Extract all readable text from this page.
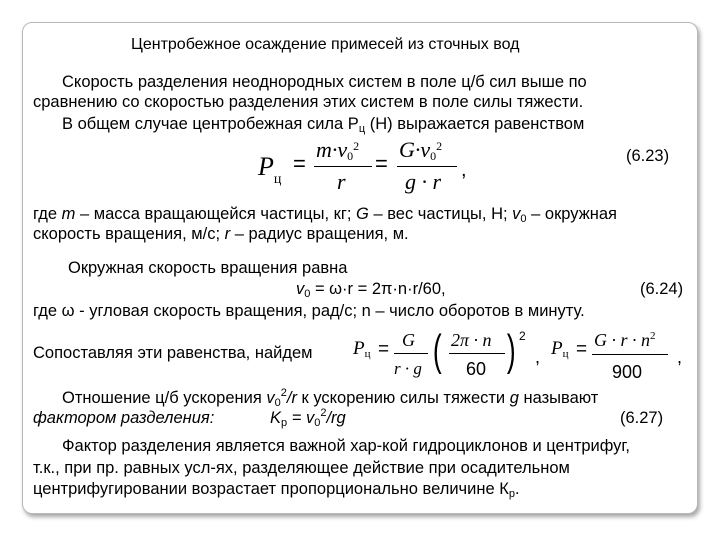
Центробежное осаждение примесей из сточных вод
Скорость разделения неоднородных систем в поле ц/б сил выше по
сравнению со скоростью разделения этих систем в поле силы тяжести.
В общем случае центробежная сила $Р_ц$ (Н) выражается равенством
$P_ц$
=
$m\cdot v_0^2$
r
=
$G\cdot v_0^2$
g · r ,
(6.23)
где m – масса вращающейся частицы, кг; G – вес частицы, Н; $v_0$ – окружная
скорость вращения, м/с; r – радиус вращения, м.
Окружная скорость вращения равна
$v_0 = \omega\cdot r = 2\pi\cdot n\cdot r/60$,	(6.24)
где ω - угловая скорость вращения, рад/с; n – число оборотов в минуту.
Сопоставляя эти равенства, найдем $P_ц = G$
r · g ( 2π · n
60 ) 2
, $P_ц = G \cdot r \cdot n^2$
900
,
Отношение ц/б ускорения $v_0^2/r$ к ускорению силы тяжести g называют
фактором разделения:	$K_p = v_0^2/rg$	(6.27)
Фактор разделения является важной хар-кой гидроциклонов и центрифуг,
т.к., при пр. равных усл-ях, разделяющее действие при осадительном
центрифугировании возрастает пропорционально величине $К_р$.
